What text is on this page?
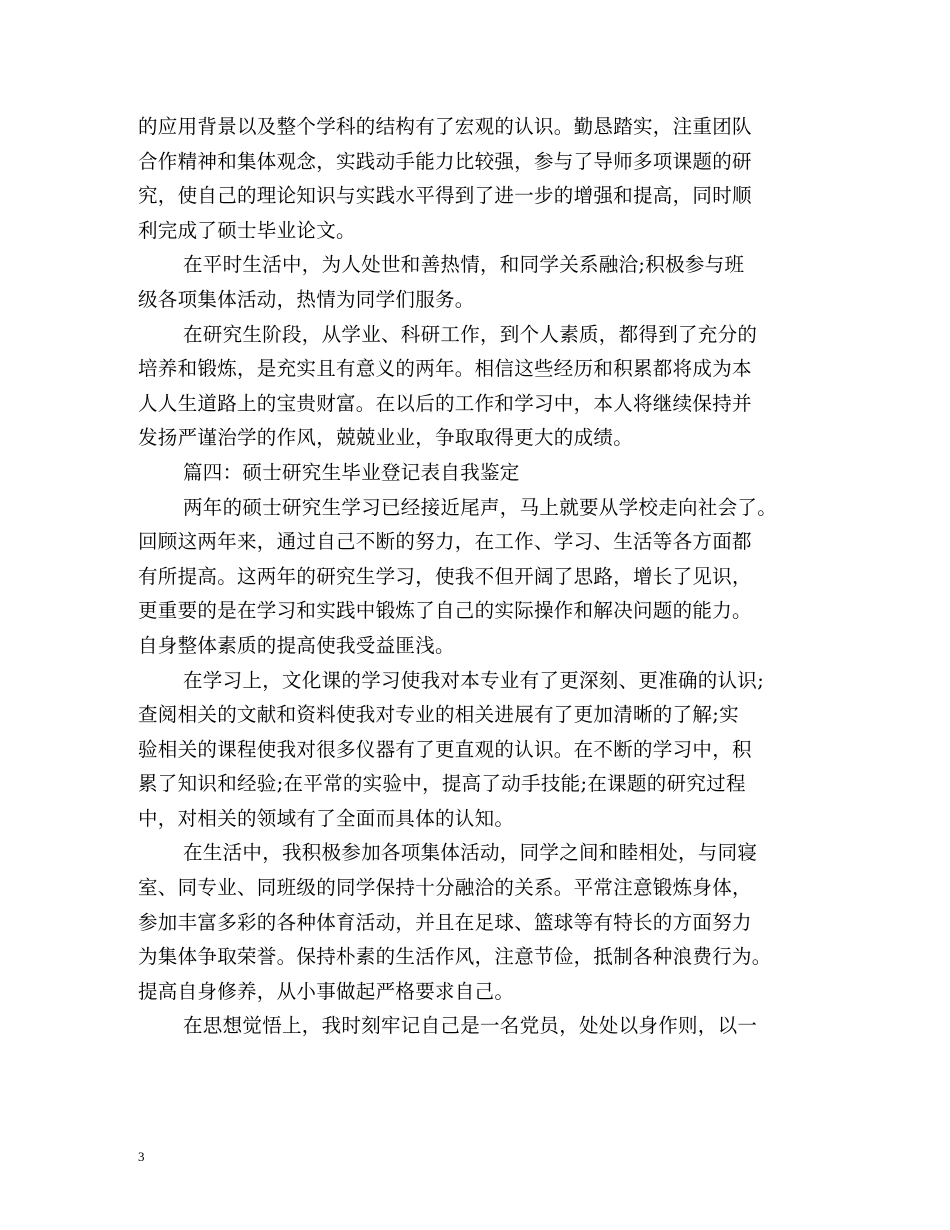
的应用背景以及整个学科的结构有了宏观的认识。勤恳踏实，注重团队
合作精神和集体观念，实践动手能力比较强，参与了导师多项课题的研
究，使自己的理论知识与实践水平得到了进一步的增强和提高，同时顺
利完成了硕士毕业论文。
在平时生活中，为人处世和善热情，和同学关系融洽;积极参与班
级各项集体活动，热情为同学们服务。
在研究生阶段，从学业、科研工作，到个人素质，都得到了充分的
培养和锻炼，是充实且有意义的两年。相信这些经历和积累都将成为本
人人生道路上的宝贵财富。在以后的工作和学习中，本人将继续保持并
发扬严谨治学的作风，兢兢业业，争取取得更大的成绩。
篇四：硕士研究生毕业登记表自我鉴定
两年的硕士研究生学习已经接近尾声，马上就要从学校走向社会了。
回顾这两年来，通过自己不断的努力，在工作、学习、生活等各方面都
有所提高。这两年的研究生学习，使我不但开阔了思路，增长了见识，
更重要的是在学习和实践中锻炼了自己的实际操作和解决问题的能力。
自身整体素质的提高使我受益匪浅。
在学习上，文化课的学习使我对本专业有了更深刻、更准确的认识;
查阅相关的文献和资料使我对专业的相关进展有了更加清晰的了解;实
验相关的课程使我对很多仪器有了更直观的认识。在不断的学习中，积
累了知识和经验;在平常的实验中，提高了动手技能;在课题的研究过程
中，对相关的领域有了全面而具体的认知。
在生活中，我积极参加各项集体活动，同学之间和睦相处，与同寝
室、同专业、同班级的同学保持十分融洽的关系。平常注意锻炼身体，
参加丰富多彩的各种体育活动，并且在足球、篮球等有特长的方面努力
为集体争取荣誉。保持朴素的生活作风，注意节俭，抵制各种浪费行为。
提高自身修养，从小事做起严格要求自己。
在思想觉悟上，我时刻牢记自己是一名党员，处处以身作则，以一
3
